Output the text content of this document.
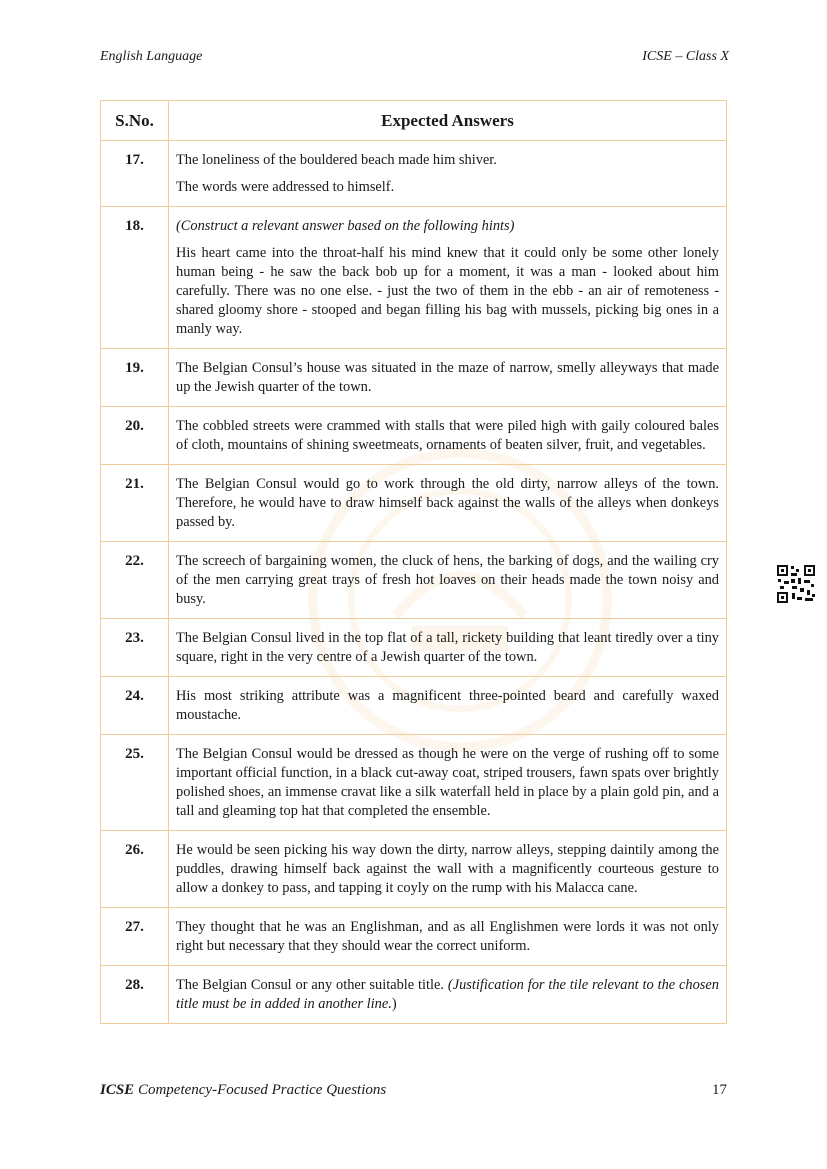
English Language	ICSE – Class X
S.No.	Expected Answers
17.	The loneliness of the bouldered beach made him shiver.

The words were addressed to himself.

18.	(Construct a relevant answer based on the following hints)

His heart came into the throat-half his mind knew that it could only be some other lonely human being - he saw the back bob up for a moment, it was a man - looked about him carefully. There was no one else. - just the two of them in the ebb - an air of remoteness - shared gloomy shore - stooped and began filling his bag with mussels, picking big ones in a manly way.

19.	The Belgian Consul’s house was situated in the maze of narrow, smelly alleyways that made up the Jewish quarter of the town.

20.	The cobbled streets were crammed with stalls that were piled high with gaily coloured bales of cloth, mountains of shining sweetmeats, ornaments of beaten silver, fruit, and vegetables.

21.	The Belgian Consul would go to work through the old dirty, narrow alleys of the town. Therefore, he would have to draw himself back against the walls of the alleys when donkeys passed by.

22.	The screech of bargaining women, the cluck of hens, the barking of dogs, and the wailing cry of the men carrying great trays of fresh hot loaves on their heads made the town noisy and busy.

23.	The Belgian Consul lived in the top flat of a tall, rickety building that leant tiredly over a tiny square, right in the very centre of a Jewish quarter of the town.

24.	His most striking attribute was a magnificent three-pointed beard and carefully waxed moustache.

25.	The Belgian Consul would be dressed as though he were on the verge of rushing off to some important official function, in a black cut-away coat, striped trousers, fawn spats over brightly polished shoes, an immense cravat like a silk waterfall held in place by a plain gold pin, and a tall and gleaming top hat that completed the ensemble.

26.	He would be seen picking his way down the dirty, narrow alleys, stepping daintily among the puddles, drawing himself back against the wall with a magnificently courteous gesture to allow a donkey to pass, and tapping it coyly on the rump with his Malacca cane.

27.	They thought that he was an Englishman, and as all Englishmen were lords it was not only right but necessary that they should wear the correct uniform.

28.	The Belgian Consul or any other suitable title. (Justification for the tile relevant to the chosen title must be in added in another line.)

ICSE Competency-Focused Practice Questions	17
